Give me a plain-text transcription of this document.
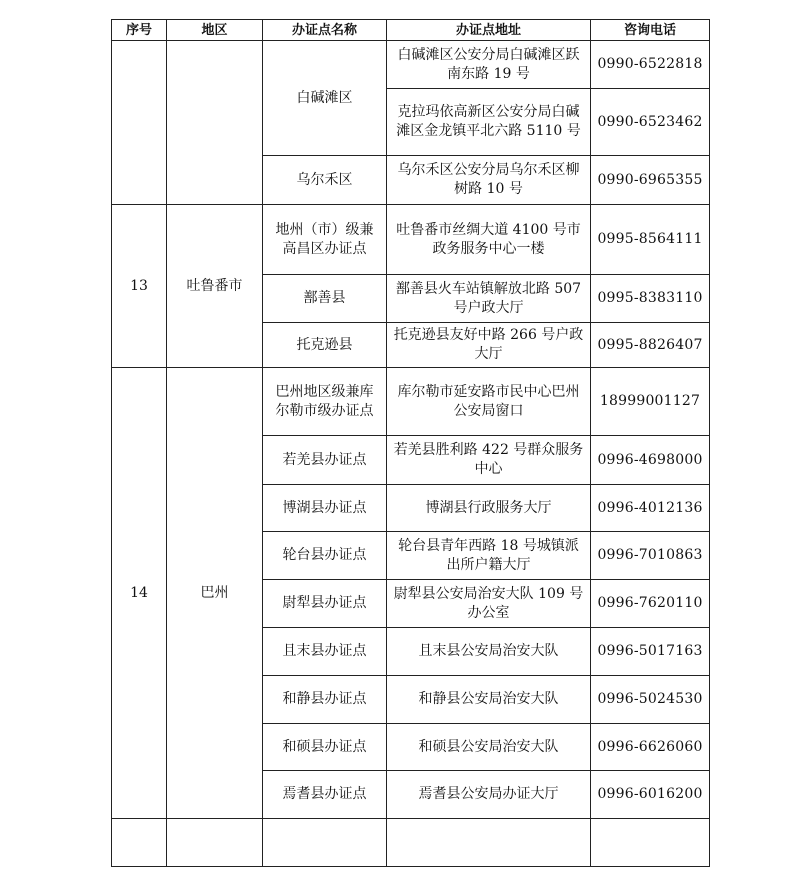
序号	地区	办证点名称	办证点地址	咨询电话
		白碱滩区	白碱滩区公安分局白碱滩区跃南东路 19 号	0990-6522818
			克拉玛依高新区公安分局白碱滩区金龙镇平北六路 5110 号	0990-6523462
		乌尔禾区	乌尔禾区公安分局乌尔禾区柳树路 10 号	0990-6965355
13	吐鲁番市	地州（市）级兼高昌区办证点	吐鲁番市丝绸大道 4100 号市政务服务中心一楼	0995-8564111
		鄯善县	鄯善县火车站镇解放北路 507 号户政大厅	0995-8383110
		托克逊县	托克逊县友好中路 266 号户政大厅	0995-8826407
14	巴州	巴州地区级兼库尔勒市级办证点	库尔勒市延安路市民中心巴州公安局窗口	18999001127
		若羌县办证点	若羌县胜利路 422 号群众服务中心	0996-4698000
		博湖县办证点	博湖县行政服务大厅	0996-4012136
		轮台县办证点	轮台县青年西路 18 号城镇派出所户籍大厅	0996-7010863
		尉犁县办证点	尉犁县公安局治安大队 109 号办公室	0996-7620110
		且末县办证点	且末县公安局治安大队	0996-5017163
		和静县办证点	和静县公安局治安大队	0996-5024530
		和硕县办证点	和硕县公安局治安大队	0996-6626060
		焉耆县办证点	焉耆县公安局办证大厅	0996-6016200
